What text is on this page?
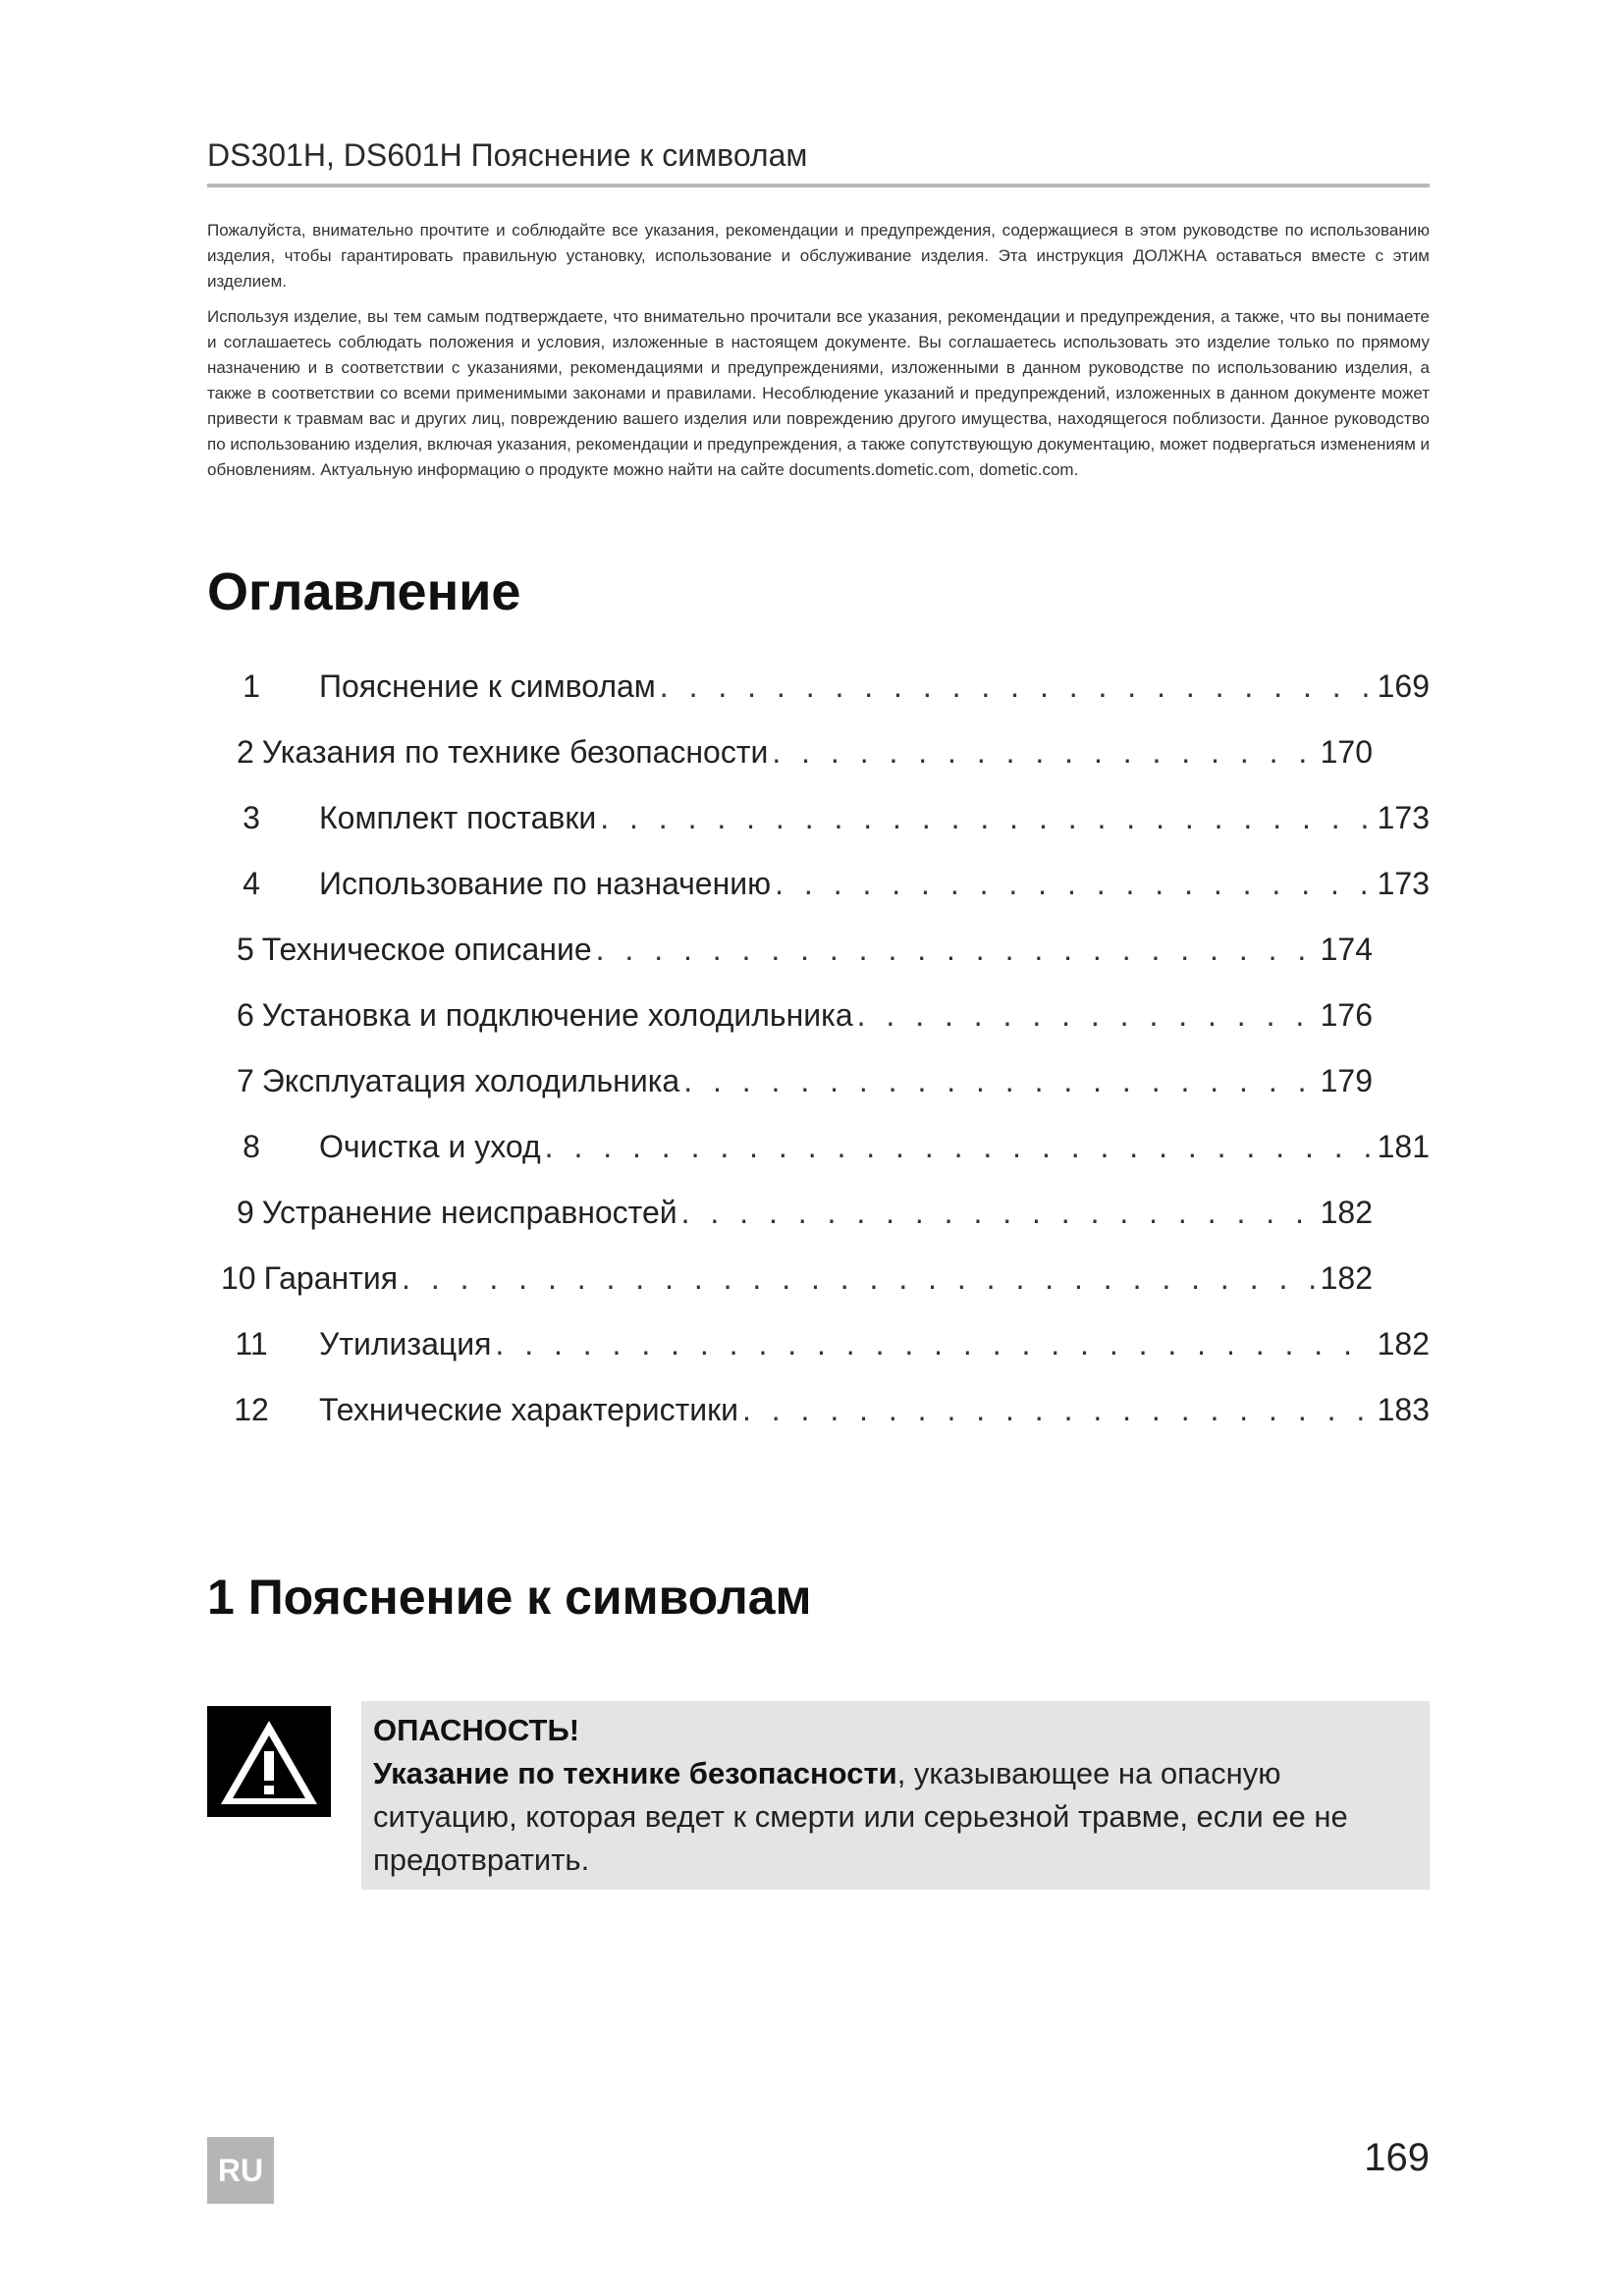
DS301H, DS601H Пояснение к символам

Пожалуйста, внимательно прочтите и соблюдайте все указания, рекомендации и предупреждения, содержащиеся в этом руководстве по использованию изделия, чтобы гарантировать правильную установку, использование и обслуживание изделия. Эта инструкция ДОЛЖНА оставаться вместе с этим изделием.

Используя изделие, вы тем самым подтверждаете, что внимательно прочитали все указания, рекомендации и предупреждения, а также, что вы понимаете и соглашаетесь соблюдать положения и условия, изложенные в настоящем документе. Вы соглашаетесь использовать это изделие только по прямому назначению и в соответствии с указаниями, рекомендациями и предупреждениями, изложенными в данном руководстве по использованию изделия, а также в соответствии со всеми применимыми законами и правилами. Несоблюдение указаний и предупреждений, изложенных в данном документе может привести к травмам вас и других лиц, повреждению вашего изделия или повреждению другого имущества, находящегося поблизости. Данное руководство по использованию изделия, включая указания, рекомендации и предупреждения, а также сопутствующую документацию, может подвергаться изменениям и обновлениям. Актуальную информацию о продукте можно найти на сайте documents.dometic.com, dometic.com.

Оглавление
1	Пояснение к символам . . .	169
2 Указания по технике безопасности . . .	170
3	Комплект поставки . . .	173
4	Использование по назначению . . .	173
5 Техническое описание . . .	174
6 Установка и подключение холодильника . . .	176
7 Эксплуатация холодильника . . .	179
8	Очистка и уход . . .	181
9 Устранение неисправностей . . .	182
10 Гарантия . . .	182
11	Утилизация . . .	182
12	Технические характеристики . . .	183
1 Пояснение к символам
ОПАСНОСТЬ!
Указание по технике безопасности, указывающее на опасную ситуацию, которая ведет к смерти или серьезной травме, если ее не предотвратить.
RU	169
